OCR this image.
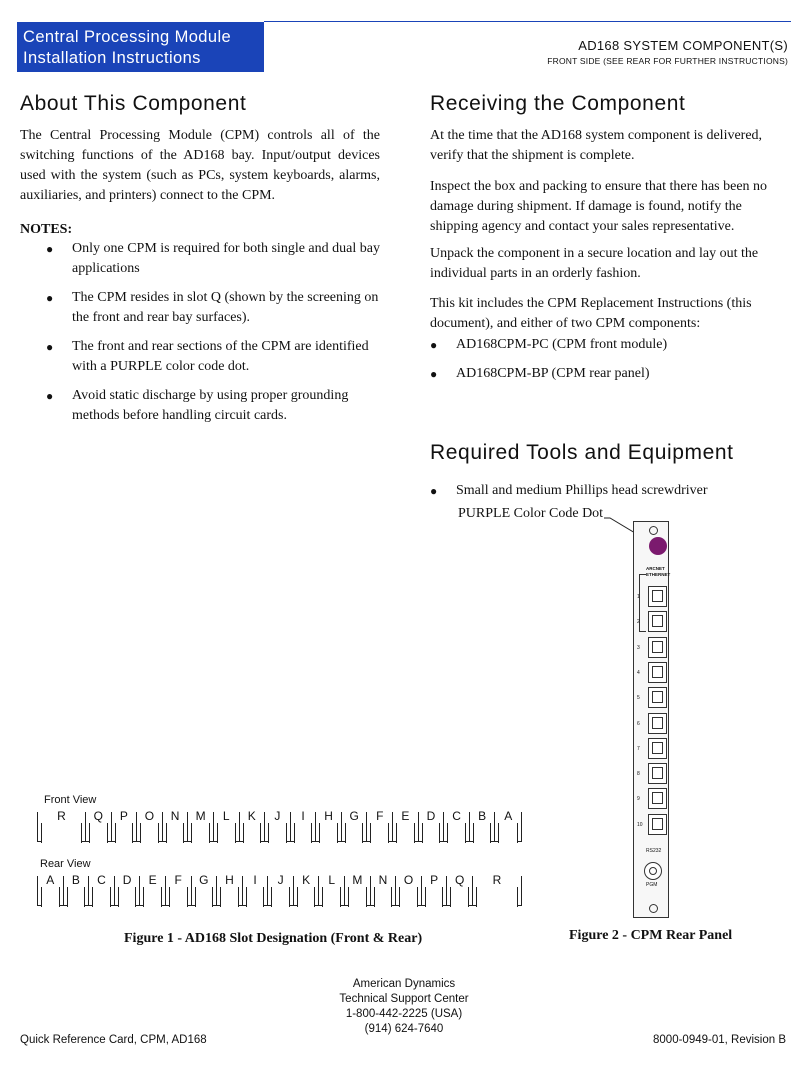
Central Processing Module
Installation Instructions
AD168 SYSTEM COMPONENT(S)
FRONT SIDE (SEE REAR FOR FURTHER INSTRUCTIONS)
About This Component
The Central Processing Module (CPM) controls all of the switching functions of the AD168 bay. Input/output devices used with the system (such as PCs, system keyboards, alarms, auxiliaries, and printers) connect to the CPM.
NOTES:
● Only one CPM is required for both single and dual bay applications
● The CPM resides in slot Q (shown by the screening on the front and rear bay surfaces).
● The front and rear sections of the CPM are identified with a PURPLE color code dot.
● Avoid static discharge by using proper grounding methods before handling circuit cards.
Receiving the Component
At the time that the AD168 system component is delivered, verify that the shipment is complete.
Inspect the box and packing to ensure that there has been no damage during shipment. If damage is found, notify the shipping agency and contact your sales representative.
Unpack the component in a secure location and lay out the individual parts in an orderly fashion.
This kit includes the CPM Replacement Instructions (this document), and either of two CPM components:
● AD168CPM-PC (CPM front module)
● AD168CPM-BP (CPM rear panel)
Required Tools and Equipment
● Small and medium Phillips head screwdriver
Front View
R	Q	P	O	N	M	L	K	J	I	H	G	F	E	D	C	B	A
Rear View
A	B	C	D	E	F	G	H	I	J	K	L	M	N	O	P	Q	R
Figure 1 - AD168 Slot Designation (Front & Rear)
PURPLE Color Code Dot
ARCNET
ETHERNET
1
2
3
4
5
6
7
8
9
10
RS232
PGM
Figure 2 - CPM Rear Panel
American Dynamics
Technical Support Center
1-800-442-2225 (USA)
(914) 624-7640
Quick Reference Card, CPM, AD168	8000-0949-01, Revision B
